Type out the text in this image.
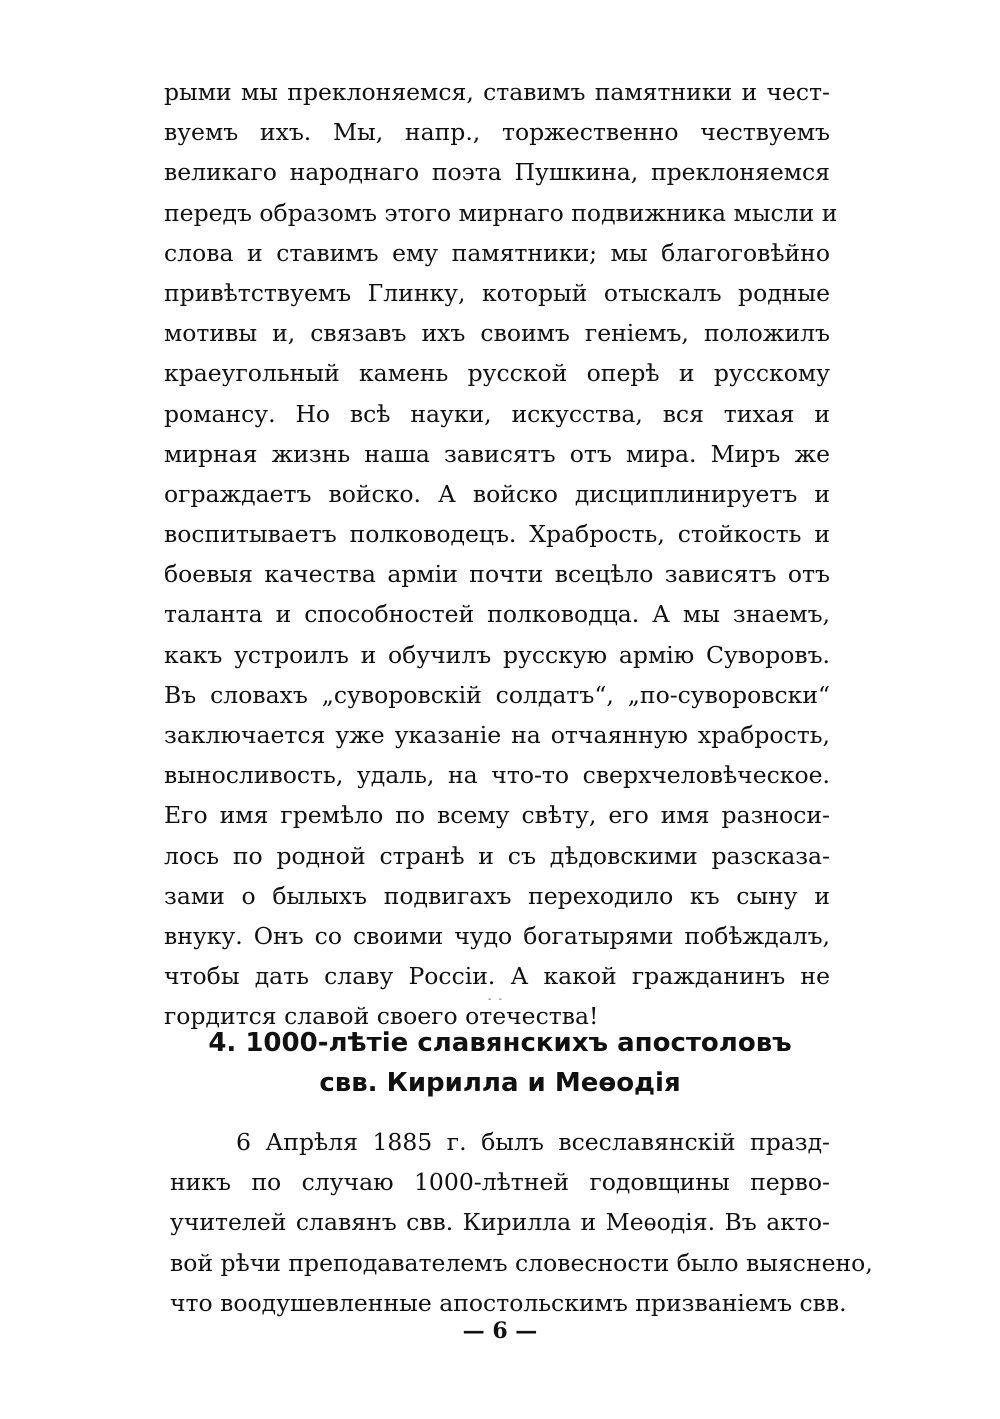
рыми мы преклоняемся, ставимъ памятники и чест-
вуемъ ихъ. Мы, напр., торжественно чествуемъ
великаго народнаго поэта Пушкина, преклоняемся
передъ образомъ этого мирнаго подвижника мысли и
слова и ставимъ ему памятники; мы благоговѣйно
привѣтствуемъ Глинку, который отыскалъ родные
мотивы и, связавъ ихъ своимъ геніемъ, положилъ
краеугольный камень русской оперѣ и русскому
романсу. Но всѣ науки, искусства, вся тихая и
мирная жизнь наша зависятъ отъ мира. Миръ же
ограждаетъ войско. А войско дисциплинируетъ и
воспитываетъ полководецъ. Храбрость, стойкость и
боевыя качества арміи почти всецѣло зависятъ отъ
таланта и способностей полководца. А мы знаемъ,
какъ устроилъ и обучилъ русскую армію Суворовъ.
Въ словахъ „суворовскій солдатъ“, „по-суворовски“
заключается уже указаніе на отчаянную храбрость,
выносливость, удаль, на что-то сверхчеловѣческое.
Его имя гремѣло по всему свѣту, его имя разноси-
лось по родной странѣ и съ дѣдовскими разсказа-
зами о былыхъ подвигахъ переходило къ сыну и
внуку. Онъ со своими чудо богатырями побѣждалъ,
чтобы дать славу Россіи. А какой гражданинъ не
гордится славой своего отечества!
- -
4. 1000-лѣтіе славянскихъ апостоловъ
свв. Кирилла и Меѳодія
6 Апрѣля 1885 г. былъ всеславянскій празд-
никъ по случаю 1000-лѣтней годовщины перво-
учителей славянъ свв. Кирилла и Меѳодія. Въ акто-
вой рѣчи преподавателемъ словесности было выяснено,
что воодушевленные апостольскимъ призваніемъ свв.
— 6 —
